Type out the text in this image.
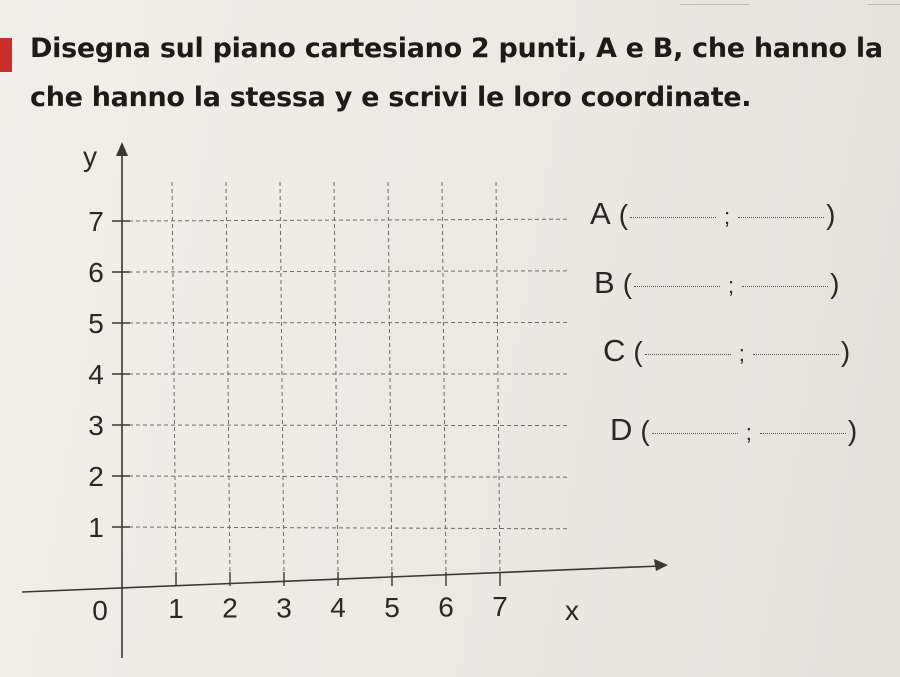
Disegna sul piano cartesiano 2 punti, A e B, che hanno la
che hanno la stessa y e scrivi le loro coordinate.
1 2 3 4 5 6 7
1
2
3
4
5
6
7
0	x
y
A (	;	)
B (	;	)
C (	;	)
D (	;	)
